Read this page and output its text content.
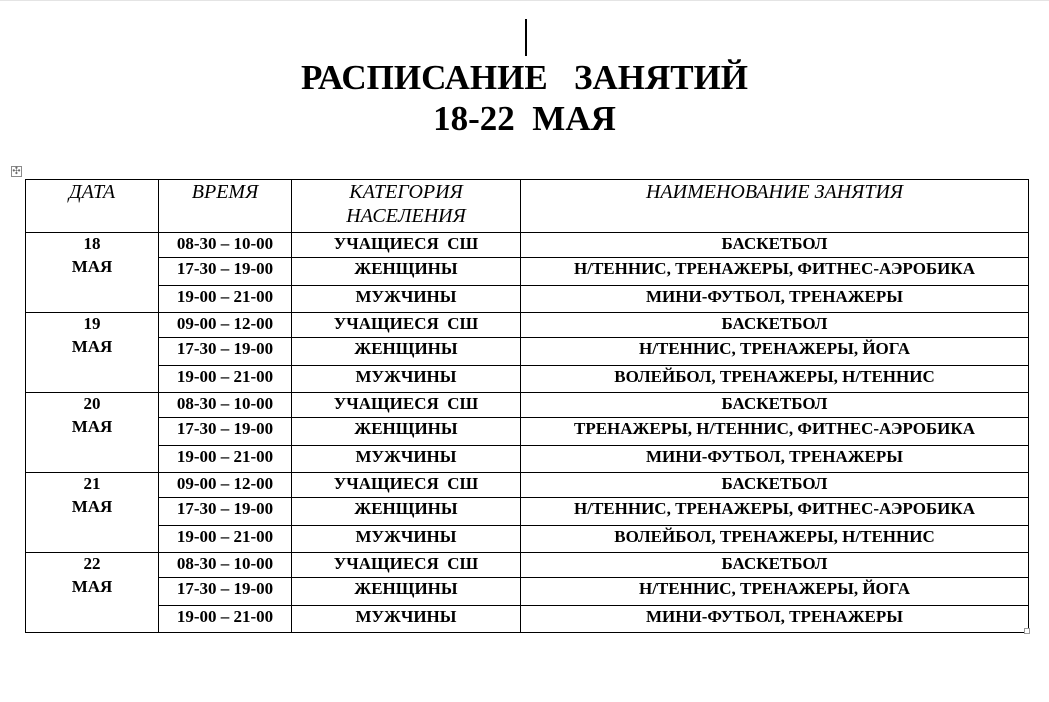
РАСПИСАНИЕ   ЗАНЯТИЙ
18-22  МАЯ
✣
ДАТА	ВРЕМЯ	КАТЕГОРИЯ НАСЕЛЕНИЯ	НАИМЕНОВАНИЕ ЗАНЯТИЯ

18
МАЯ	08-30 – 10-00	УЧАЩИЕСЯ  СШ	БАСКЕТБОЛ
	17-30 – 19-00	ЖЕНЩИНЫ	Н/ТЕННИС, ТРЕНАЖЕРЫ, ФИТНЕС-АЭРОБИКА
	19-00 – 21-00	МУЖЧИНЫ	МИНИ-ФУТБОЛ, ТРЕНАЖЕРЫ

19
МАЯ	09-00 – 12-00	УЧАЩИЕСЯ  СШ	БАСКЕТБОЛ
	17-30 – 19-00	ЖЕНЩИНЫ	Н/ТЕННИС, ТРЕНАЖЕРЫ, ЙОГА
	19-00 – 21-00	МУЖЧИНЫ	ВОЛЕЙБОЛ, ТРЕНАЖЕРЫ, Н/ТЕННИС

20
МАЯ	08-30 – 10-00	УЧАЩИЕСЯ  СШ	БАСКЕТБОЛ
	17-30 – 19-00	ЖЕНЩИНЫ	ТРЕНАЖЕРЫ, Н/ТЕННИС, ФИТНЕС-АЭРОБИКА
	19-00 – 21-00	МУЖЧИНЫ	МИНИ-ФУТБОЛ, ТРЕНАЖЕРЫ

21
МАЯ	09-00 – 12-00	УЧАЩИЕСЯ  СШ	БАСКЕТБОЛ
	17-30 – 19-00	ЖЕНЩИНЫ	Н/ТЕННИС, ТРЕНАЖЕРЫ, ФИТНЕС-АЭРОБИКА
	19-00 – 21-00	МУЖЧИНЫ	ВОЛЕЙБОЛ, ТРЕНАЖЕРЫ, Н/ТЕННИС

22
МАЯ	08-30 – 10-00	УЧАЩИЕСЯ  СШ	БАСКЕТБОЛ
	17-30 – 19-00	ЖЕНЩИНЫ	Н/ТЕННИС, ТРЕНАЖЕРЫ, ЙОГА
	19-00 – 21-00	МУЖЧИНЫ	МИНИ-ФУТБОЛ, ТРЕНАЖЕРЫ
